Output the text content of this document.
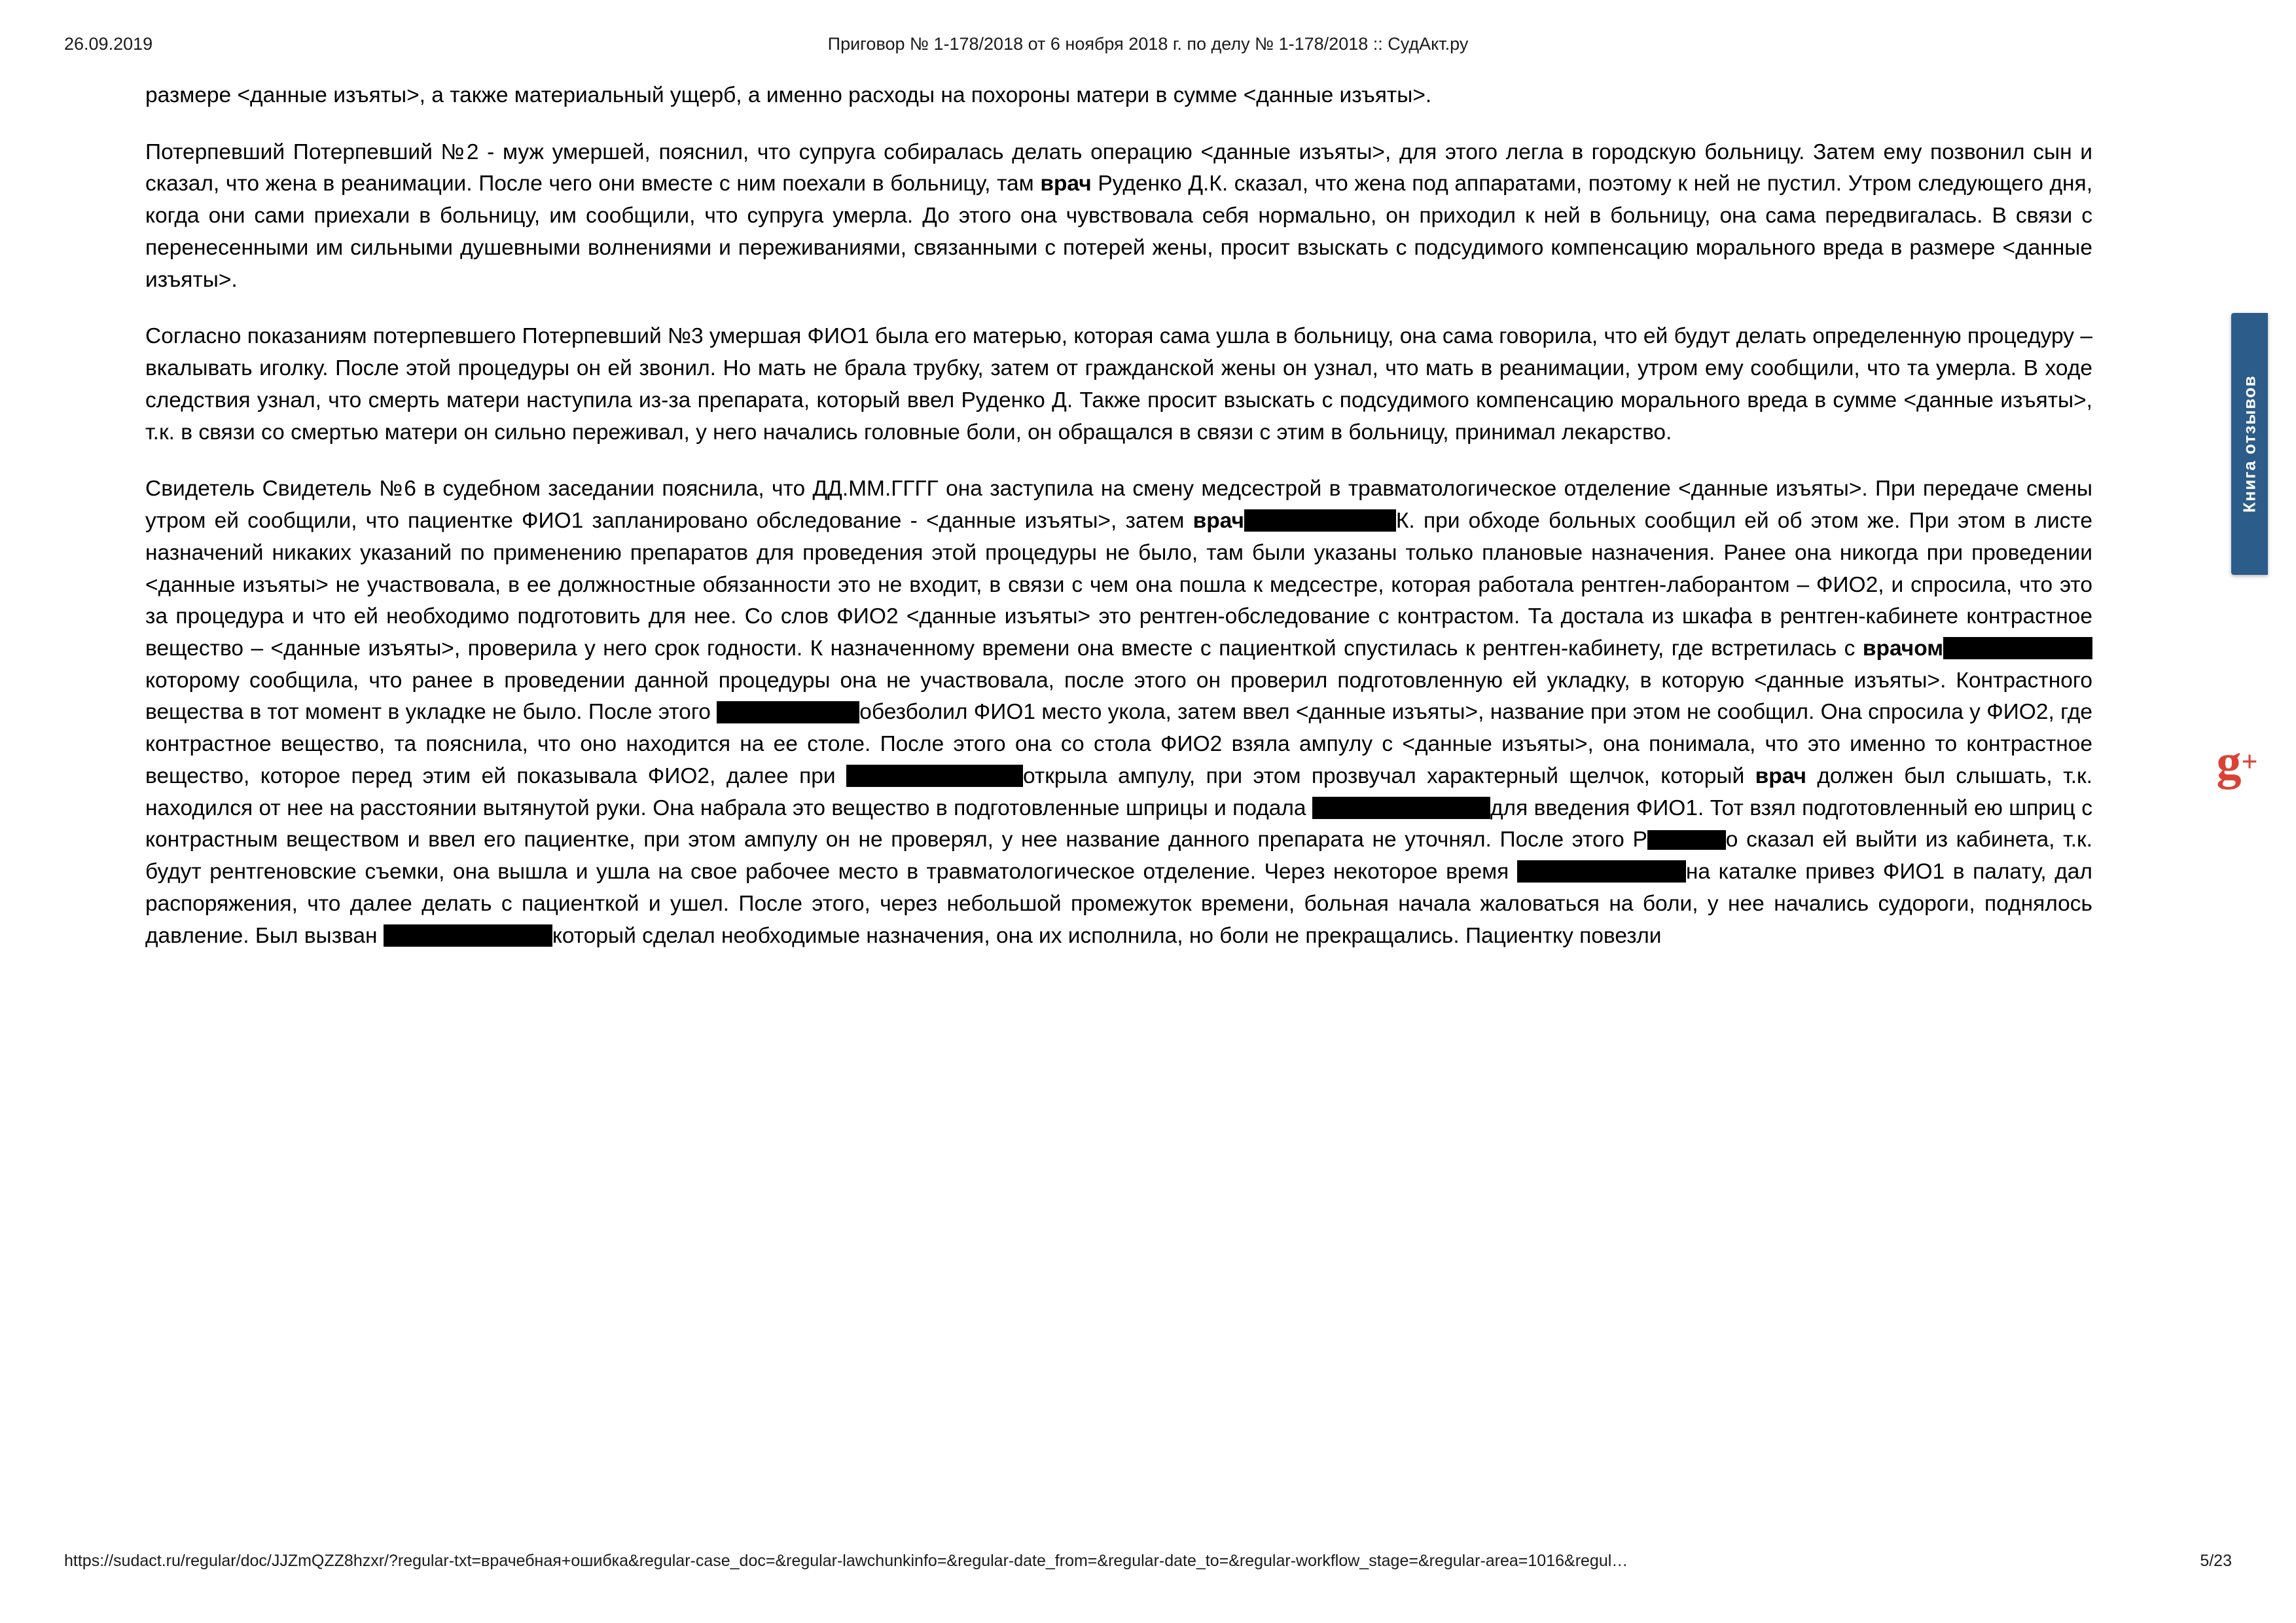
26.09.2019	Приговор № 1-178/2018 от 6 ноября 2018 г. по делу № 1-178/2018 :: СудАкт.ру

размере <данные изъяты>, а также материальный ущерб, а именно расходы на похороны матери в сумме <данные изъяты>.

Потерпевший Потерпевший №2 - муж умершей, пояснил, что супруга собиралась делать операцию <данные изъяты>, для этого легла в городскую больницу. Затем ему позвонил сын и сказал, что жена в реанимации. После чего они вместе с ним поехали в больницу, там врач Руденко Д.К. сказал, что жена под аппаратами, поэтому к ней не пустил. Утром следующего дня, когда они сами приехали в больницу, им сообщили, что супруга умерла. До этого она чувствовала себя нормально, он приходил к ней в больницу, она сама передвигалась. В связи с перенесенными им сильными душевными волнениями и переживаниями, связанными с потерей жены, просит взыскать с подсудимого компенсацию морального вреда в размере <данные изъяты>.

Согласно показаниям потерпевшего Потерпевший №3 умершая ФИО1 была его матерью, которая сама ушла в больницу, она сама говорила, что ей будут делать определенную процедуру – вкалывать иголку. После этой процедуры он ей звонил. Но мать не брала трубку, затем от гражданской жены он узнал, что мать в реанимации, утром ему сообщили, что та умерла. В ходе следствия узнал, что смерть матери наступила из-за препарата, который ввел Руденко Д. Также просит взыскать с подсудимого компенсацию морального вреда в сумме <данные изъяты>, т.к. в связи со смертью матери он сильно переживал, у него начались головные боли, он обращался в связи с этим в больницу, принимал лекарство.

Свидетель Свидетель №6 в судебном заседании пояснила, что ДД.ММ.ГГГГ она заступила на смену медсестрой в травматологическое отделение <данные изъяты>. При передаче смены утром ей сообщили, что пациентке ФИО1 запланировано обследование - <данные изъяты>, затем врач	К. при обходе больных сообщил ей об этом же. При этом в листе назначений никаких указаний по применению препаратов для проведения этой процедуры не было, там были указаны только плановые назначения. Ранее она никогда при проведении <данные изъяты> не участвовала, в ее должностные обязанности это не входит, в связи с чем она пошла к медсестре, которая работала рентген-лаборантом – ФИО2, и спросила, что это за процедура и что ей необходимо подготовить для нее. Со слов ФИО2 <данные изъяты> это рентген-обследование с контрастом. Та достала из шкафа в рентген-кабинете контрастное вещество – <данные изъяты>, проверила у него срок годности. К назначенному времени она вместе с пациенткой спустилась к рентген-кабинету, где встретилась с врачомкоторому сообщила, что ранее в проведении данной процедуры она не участвовала, после этого он проверил подготовленную ей укладку, в которую <данные изъяты>. Контрастного вещества в тот момент в укладке не было. После этого	обезболил ФИО1 место укола, затем ввел <данные изъяты>, название при этом не сообщил. Она спросила у ФИО2, где контрастное вещество, та пояснила, что оно находится на ее столе. После этого она со стола ФИО2 взяла ампулу с <данные изъяты>, она понимала, что это именно то контрастное вещество, которое перед этим ей показывала ФИО2, далее при	открыла ампулу, при этом прозвучал характерный щелчок, который врач должен был слышать, т.к. находился от нее на расстоянии вытянутой руки. Она набрала это вещество в подготовленные шприцы и подала	для введения ФИО1. Тот взял подготовленный ею шприц с контрастным веществом и ввел его пациентке, при этом ампулу он не проверял, у нее название данного препарата не уточнял. После этого Р	о сказал ей выйти из кабинета, т.к. будут рентгеновские съемки, она вышла и ушла на свое рабочее место в травматологическое отделение. Через некоторое время	на каталке привез ФИО1 в палату, дал распоряжения, что далее делать с пациенткой и ушел. После этого, через небольшой промежуток времени, больная начала жаловаться на боли, у нее начались судороги, поднялось давление. Был вызван	который сделал необходимые назначения, она их исполнила, но боли не прекращались. Пациентку повезли

Книга отзывов
g +
https://sudact.ru/regular/doc/JJZmQZZ8hzxr/?regular-txt=врачебная+ошибка&regular-case_doc=&regular-lawchunkinfo=&regular-date_from=&regular-date_to=&regular-workflow_stage=&regular-area=1016&regul…	5/23
